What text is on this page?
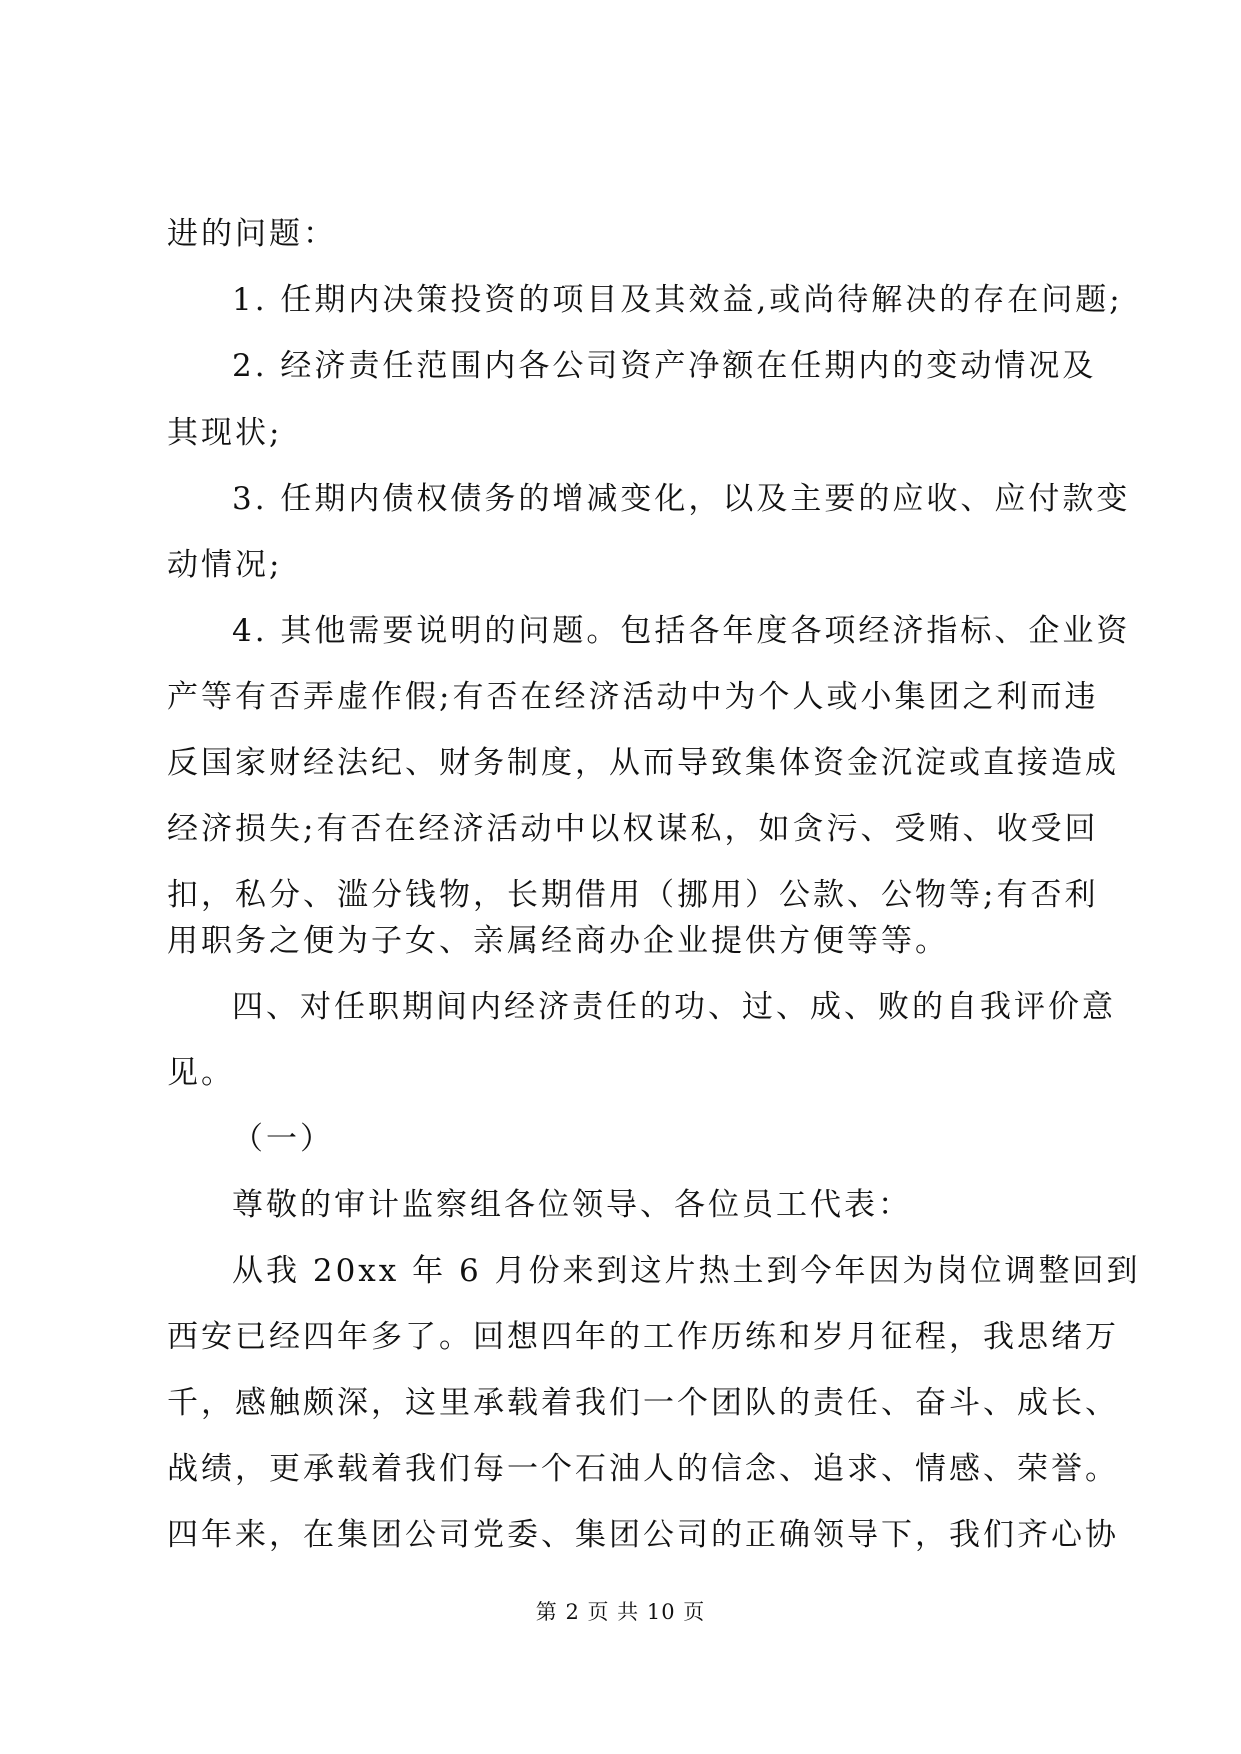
进的问题：
1. 任期内决策投资的项目及其效益,或尚待解决的存在问题;
2. 经济责任范围内各公司资产净额在任期内的变动情况及
其现状;
3. 任期内债权债务的增减变化，以及主要的应收、应付款变
动情况;
4. 其他需要说明的问题。包括各年度各项经济指标、企业资
产等有否弄虚作假;有否在经济活动中为个人或小集团之利而违
反国家财经法纪、财务制度，从而导致集体资金沉淀或直接造成
经济损失;有否在经济活动中以权谋私，如贪污、受贿、收受回
扣，私分、滥分钱物，长期借用（挪用）公款、公物等;有否利
用职务之便为子女、亲属经商办企业提供方便等等。
四、对任职期间内经济责任的功、过、成、败的自我评价意
见。
（一）
尊敬的审计监察组各位领导、各位员工代表：
从我 20xx 年 6 月份来到这片热土到今年因为岗位调整回到
西安已经四年多了。回想四年的工作历练和岁月征程，我思绪万
千，感触颇深，这里承载着我们一个团队的责任、奋斗、成长、
战绩，更承载着我们每一个石油人的信念、追求、情感、荣誉。
四年来，在集团公司党委、集团公司的正确领导下，我们齐心协
第 2 页 共 10 页
